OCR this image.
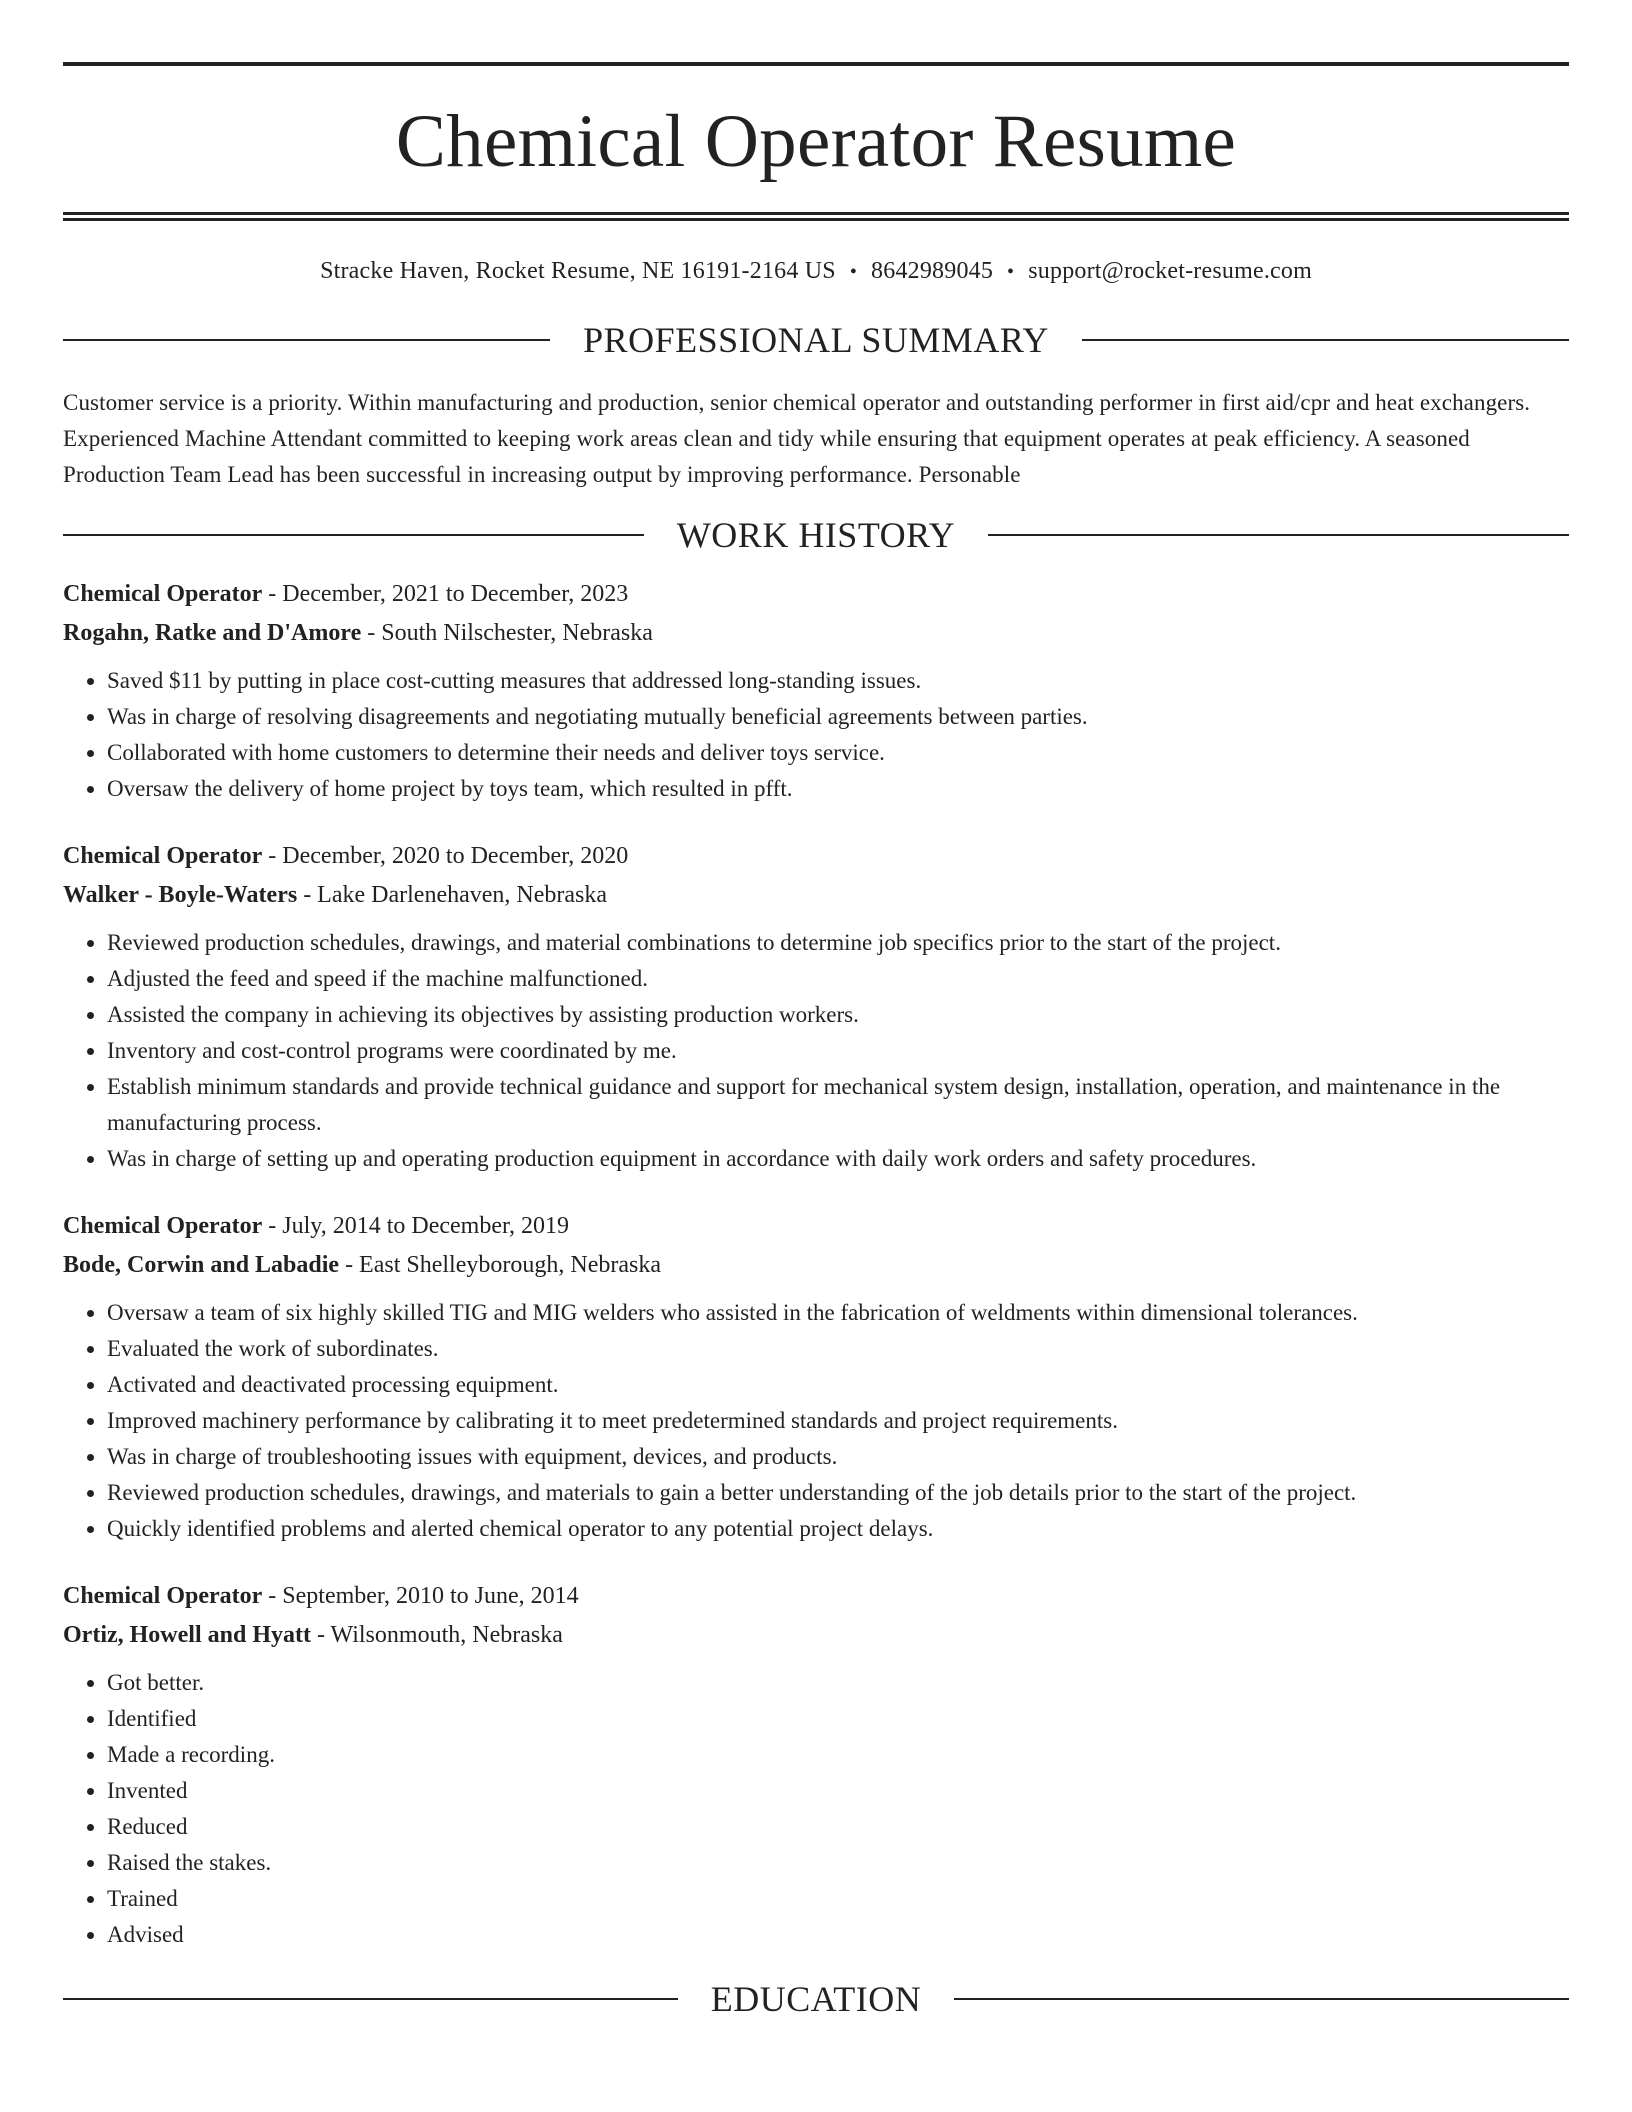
Chemical Operator Resume
Stracke Haven, Rocket Resume, NE 16191-2164 US • 8642989045 • support@rocket-resume.com
PROFESSIONAL SUMMARY
Customer service is a priority. Within manufacturing and production, senior chemical operator and outstanding performer in first aid/cpr and heat exchangers. Experienced Machine Attendant committed to keeping work areas clean and tidy while ensuring that equipment operates at peak efficiency. A seasoned Production Team Lead has been successful in increasing output by improving performance. Personable
WORK HISTORY
Chemical Operator - December, 2021 to December, 2023
Rogahn, Ratke and D'Amore - South Nilschester, Nebraska
• Saved $11 by putting in place cost-cutting measures that addressed long-standing issues.
• Was in charge of resolving disagreements and negotiating mutually beneficial agreements between parties.
• Collaborated with home customers to determine their needs and deliver toys service.
• Oversaw the delivery of home project by toys team, which resulted in pfft.
Chemical Operator - December, 2020 to December, 2020
Walker - Boyle-Waters - Lake Darlenehaven, Nebraska
• Reviewed production schedules, drawings, and material combinations to determine job specifics prior to the start of the project.
• Adjusted the feed and speed if the machine malfunctioned.
• Assisted the company in achieving its objectives by assisting production workers.
• Inventory and cost-control programs were coordinated by me.
• Establish minimum standards and provide technical guidance and support for mechanical system design, installation, operation, and maintenance in the manufacturing process.
• Was in charge of setting up and operating production equipment in accordance with daily work orders and safety procedures.
Chemical Operator - July, 2014 to December, 2019
Bode, Corwin and Labadie - East Shelleyborough, Nebraska
• Oversaw a team of six highly skilled TIG and MIG welders who assisted in the fabrication of weldments within dimensional tolerances.
• Evaluated the work of subordinates.
• Activated and deactivated processing equipment.
• Improved machinery performance by calibrating it to meet predetermined standards and project requirements.
• Was in charge of troubleshooting issues with equipment, devices, and products.
• Reviewed production schedules, drawings, and materials to gain a better understanding of the job details prior to the start of the project.
• Quickly identified problems and alerted chemical operator to any potential project delays.
Chemical Operator - September, 2010 to June, 2014
Ortiz, Howell and Hyatt - Wilsonmouth, Nebraska
• Got better.
• Identified
• Made a recording.
• Invented
• Reduced
• Raised the stakes.
• Trained
• Advised
EDUCATION
